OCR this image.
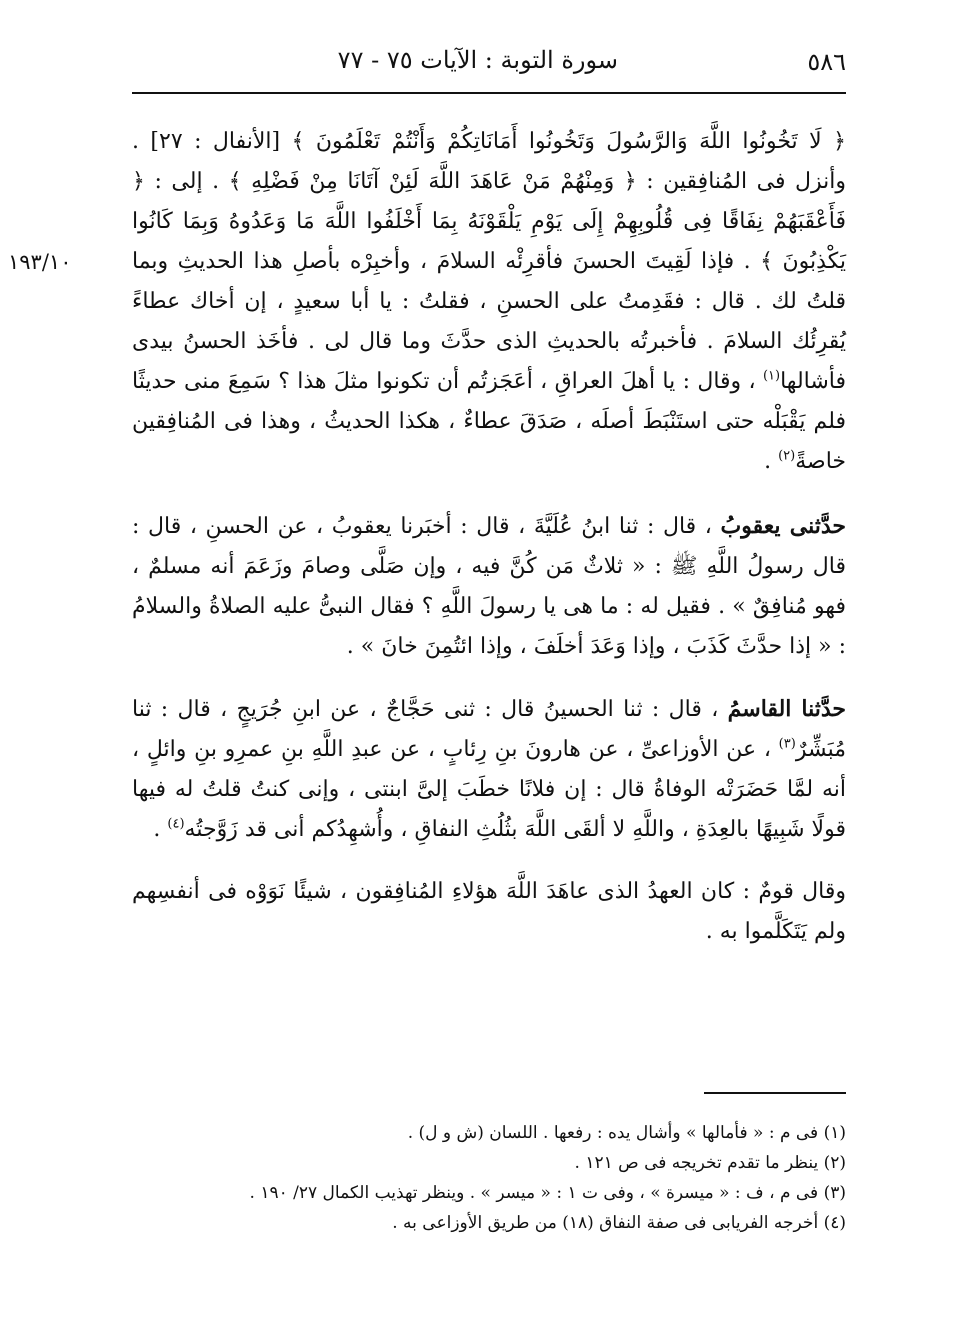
٥٨٦
سورة التوبة : الآيات ٧٥ - ٧٧
١٩٣/١٠

﴿ لَا تَخُونُوا اللَّهَ وَالرَّسُولَ وَتَخُونُوا أَمَانَاتِكُمْ وَأَنْتُمْ تَعْلَمُونَ ﴾ [الأنفال : ٢٧] . وأنزل فى المُنافِقين : ﴿ وَمِنْهُمْ مَنْ عَاهَدَ اللَّهَ لَئِنْ آتَانَا مِنْ فَضْلِهِ ﴾ . إلى : ﴿ فَأَعْقَبَهُمْ نِفَاقًا فِى قُلُوبِهِمْ إِلَى يَوْمِ يَلْقَوْنَهُ بِمَا أَخْلَفُوا اللَّهَ مَا وَعَدُوهُ وَبِمَا كَانُوا يَكْذِبُونَ ﴾ . فإذا لَقِيتَ الحسنَ فأقرِئْه السلامَ ، وأخبِرْه بأصلِ هذا الحديثِ وبما قلتُ لك . قال : فقَدِمتُ على الحسنِ ، فقلتُ : يا أبا سعيدٍ ، إن أخاك عطاءً يُقرِئُك السلامَ . فأخبرتُه بالحديثِ الذى حدَّثَ وما قال لى . فأخَذ الحسنُ بيدى فأشالها$^{(١)}$ ، وقال : يا أهلَ العراقِ ، أعَجَزتُم أن تكونوا مثلَ هذا ؟ سَمِعَ منى حديثًا فلم يَقْبَلْه حتى استَنْبَطَ أصلَه ، صَدَقَ عطاءٌ ، هكذا الحديثُ ، وهذا فى المُنافِقين خاصةً$^{(٢)}$ .

حدَّثنى يعقوبُ ، قال : ثنا ابنُ عُلَيَّةَ ، قال : أخبَرنا يعقوبُ ، عن الحسنِ ، قال : قال رسولُ اللَّهِ ﷺ : « ثلاثٌ مَن كُنَّ فيه ، وإن صَلَّى وصامَ وزَعَمَ أنه مسلمٌ ، فهو مُنافِقٌ » . فقيل له : ما هى يا رسولَ اللَّهِ ؟ فقال النبىُّ عليه الصلاةُ والسلامُ : « إذا حدَّثَ كَذَبَ ، وإذا وَعَدَ أخلَفَ ، وإذا ائتُمِنَ خانَ » .

حدَّثنا القاسمُ ، قال : ثنا الحسينُ قال : ثنى حَجَّاجٌ ، عن ابنِ جُرَيجٍ ، قال : ثنا مُبَشِّرٌ$^{(٣)}$ ، عن الأوزاعىِّ ، عن هارونَ بنِ رِئابٍ ، عن عبدِ اللَّهِ بنِ عمرِو بنِ وائلٍ ، أنه لمَّا حَضَرَتْه الوفاةُ قال : إن فلانًا خطَبَ إلىَّ ابنتى ، وإنى كنتُ قلتُ له فيها قولًا شَبِيهًا بالعِدَةِ ، واللَّهِ لا ألقَى اللَّهَ بثُلُثِ النفاقِ ، وأُشهِدُكم أنى قد زَوَّجتُه$^{(٤)}$ .

وقال قومٌ : كان العهدُ الذى عاهَدَ اللَّهَ هؤلاءِ المُنافِقون ، شيئًا نَوَوْه فى أنفسِهم ولم يَتَكَلَّموا به .

(١) فى م : « فأمالها » وأشال يده : رفعها . اللسان (ش و ل) .

(٢) ينظر ما تقدم تخريجه فى ص ١٢١ .

(٣) فى م ، ف : « ميسرة » ، وفى ت ١ : « ميسر » . وينظر تهذيب الكمال ٢٧/ ١٩٠ .

(٤) أخرجه الفريابى فى صفة النفاق (١٨) من طريق الأوزاعى به .
